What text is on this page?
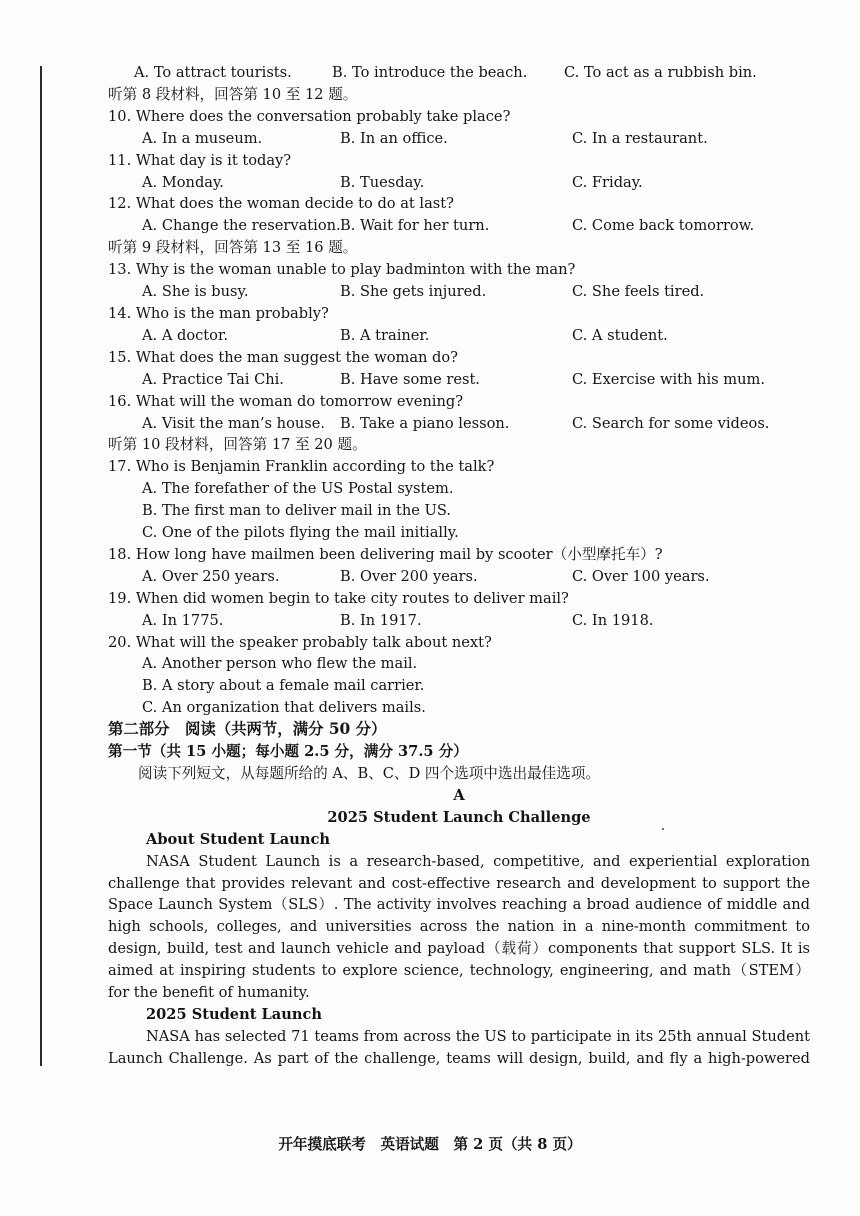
A. To attract tourists.	B. To introduce the beach.	C. To act as a rubbish bin.
听第 8 段材料，回答第 10 至 12 题。
10. Where does the conversation probably take place?
A. In a museum.	B. In an office.	C. In a restaurant.
11. What day is it today?
A. Monday.	B. Tuesday.	C. Friday.
12. What does the woman decide to do at last?
A. Change the reservation. B. Wait for her turn.	C. Come back tomorrow.
听第 9 段材料，回答第 13 至 16 题。
13. Why is the woman unable to play badminton with the man?
A. She is busy.	B. She gets injured.	C. She feels tired.
14. Who is the man probably?
A. A doctor.	B. A trainer.	C. A student.
15. What does the man suggest the woman do?
A. Practice Tai Chi.	B. Have some rest.	C. Exercise with his mum.
16. What will the woman do tomorrow evening?
A. Visit the man’s house.	B. Take a piano lesson.	C. Search for some videos.
听第 10 段材料，回答第 17 至 20 题。
17. Who is Benjamin Franklin according to the talk?
A. The forefather of the US Postal system.
B. The first man to deliver mail in the US.
C. One of the pilots flying the mail initially.
18. How long have mailmen been delivering mail by scooter（小型摩托车）?
A. Over 250 years.	B. Over 200 years.	C. Over 100 years.
19. When did women begin to take city routes to deliver mail?
A. In 1775.	B. In 1917.	C. In 1918.
20. What will the speaker probably talk about next?
A. Another person who flew the mail.
B. A story about a female mail carrier.
C. An organization that delivers mails.
第二部分　阅读（共两节，满分 50 分）
第一节（共 15 小题；每小题 2.5 分，满分 37.5 分）
阅读下列短文，从每题所给的 A、B、C、D 四个选项中选出最佳选项。
A
2025 Student Launch Challenge
About Student Launch

NASA Student Launch is a research-based, competitive, and experiential exploration challenge that provides relevant and cost-effective research and development to support the Space Launch System（SLS）. The activity involves reaching a broad audience of middle and high schools, colleges, and universities across the nation in a nine-month commitment to design, build, test and launch vehicle and payload（载荷）components that support SLS. It is aimed at inspiring students to explore science, technology, engineering, and math（STEM）for the benefit of humanity.

2025 Student Launch

NASA has selected 71 teams from across the US to participate in its 25th annual Student Launch Challenge. As part of the challenge, teams will design, build, and fly a high-powered

开年摸底联考　英语试题　第 2 页（共 8 页）
